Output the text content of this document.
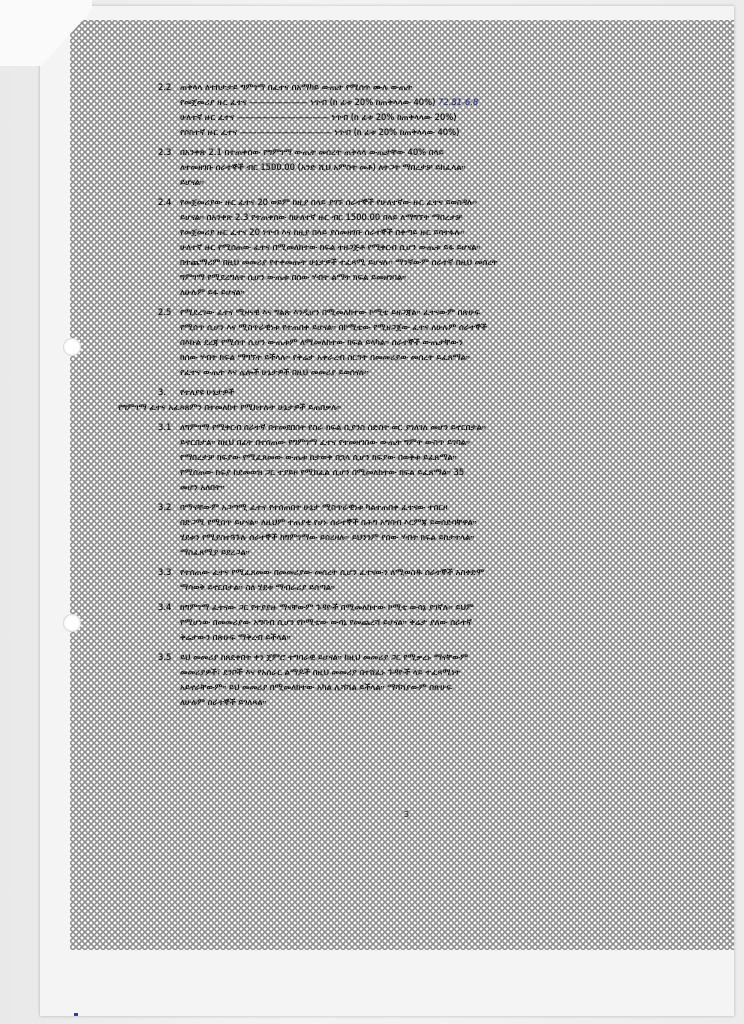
2.2 ጠቅላላ ለተከታታይ ግምገማ በፈተና በአማካይ ውጤት የሚሰጥ ሙሉ ውጤት
የመጀመሪያ ዙር ፈተና ——————— ነጥብ (ከ ፊቱ 20% ከጠቅላላው 40%) 72.81-6.8
ሁለተኛ ዙር ፈተና ——————————— ነጥብ (ከ ፊቱ 20% ከጠቅላላው 20%)
የሶስተኛ ዙር ፈተና ——————————— ነጥብ (ከ ፊቱ 20% ከጠቅላላው 40%)
2.3 በአንቀጽ 2.1 በተጠቀሰው የግምገማ ውጤት መሰረት ጠቅላላ ውጤታቸው 40% በላይ
ለተመዘገቡ ሰራተኞች ብር 1500.00 (አንድ ሺህ አምስት መቶ) ለትጋት ማበረታቻ ይከፈላል።
ይሆናል።
2.4 የመጀመሪያው ዙር ፈተና 20 ወይም ከዚያ በላይ ያገኙ ሰራተኞች የሁለተኛው ዙር ፈተና ይወስዳሉ።
ይሆናል። በአንቀጽ 2.3 የተጠቀሰው ከሁለተኛ ዙር ብር 1500.00 በላይ ለማግኘት ማበረታቻ
የመጀመሪያ ዙር ፈተና 20 ነጥብ እና ከዚያ በላይ ያስመዘገቡ ሰራተኞች በቀጣይ ዙር ይሳተፋሉ።
ሁለተኛ ዙር የሚሰጠው ፈተና በሚመለከተው ክፍል ተዘጋጅቶ የሚቀርብ ሲሆን ውጤቱ ይፋ ይሆናል።
በተጨማሪም በዚህ መመሪያ የተቀመጡት ሁኔታዎች ተፈጻሚ ይሆናሉ። ማንኛውም ሰራተኛ በዚህ መሰረት
ግምገማ የሚደረግለት ሲሆን ውጤቱ በሰው ሃብት ልማት ክፍል ይመዘገባል።
ለሁሉም ይፋ ይሆናል።
2.5 የሚደረገው ፈተና ሚዛናዊ እና ግልጽ እንዲሆን በሚመለከተው ኮሚቴ ይዘጋጃል። ፈተናውም በጽሁፍ
የሚሰጥ ሲሆን እና ሚስጥራዊነቱ የተጠበቀ ይሆናል። በኮሚቴው የሚዘጋጀው ፈተና ለሁሉም ሰራተኞች
በእኩል ደረጃ የሚሰጥ ሲሆን ውጤቱም ለሚመለከተው ክፍል ይላካል። ሰራተኞች ውጤታቸውን
ከሰው ሃብት ክፍል ማግኘት ይችላሉ። የቅሬታ አቀራረብ ስርዓት በመመሪያው መሰረት ይፈጸማል።
የፈተና ውጤት እና ሌሎች ሁኔታዎች በዚህ መመሪያ ይወሰናሉ።
3. የተለያዩ ሁኔታዎች
የግምገማ ፈተና አፈጻጸምን በተመለከተ የሚከተሉት ሁኔታዎች ይጠበቃሉ።
3.1 ለግምገማ የሚቀርብ ሰራተኛ በተመደበበት የስራ ክፍል ቢያንስ ስድስት ወር ያገለገለ መሆን ይኖርበታል።
ይኖርበታል። ከዚህ በፊት በተሰጠው የግምገማ ፈተና የተመዘገበው ውጤት ግምት ውስጥ ይገባል።
የማበረታቻ ክፍያው የሚፈጸመው ውጤቱ ከታወቀ በኋላ ሲሆን ክፍያው በወቅቱ ይፈጸማል።
የሚሰጠው ክፍያ ከደመወዝ ጋር ተያይዞ የሚከፈል ሲሆን በሚመለከተው ክፍል ይፈጸማል። 35
መሆን አለበት።
3.2 በማናቸውም አጋጣሚ ፈተና የተሰጠበት ሁኔታ ሚስጥራዊነቱ ካልተጠበቀ ፈተናው ተሰርዞ
በድጋሚ የሚሰጥ ይሆናል። ለዚህም ተጠያቂ የሆኑ ሰራተኞች በሕግ አግባብ እርምጃ ይወሰድባቸዋል።
ሂደቱን የሚያስተጓጉሉ ሰራተኞች ከግምገማው ይሰረዛሉ። ይህንንም የሰው ሃብት ክፍል ይከታተላል።
ማስፈጸሚያ ይደረጋል።
3.3 የተሰጠው ፈተና የሚፈጸመው በመመሪያው መሰረት ሲሆን ፈተናውን ለሚወስዱ ሰራተኞች አስቀድሞ
ማሳወቅ ይኖርበታል። ስለ ሂደቱ ማብራሪያ ይሰጣል።
3.4 ከግምገማ ፈተናው ጋር የተያያዙ ማናቸውም ጉዳዮች በሚመለከተው ኮሚቴ ውሳኔ ያገኛሉ። ይህም
የሚሆነው በመመሪያው አግባብ ሲሆን የኮሚቴው ውሳኔ የመጨረሻ ይሆናል። ቅሬታ ያለው ሰራተኛ
ቅሬታውን በጽሁፍ ማቅረብ ይችላል።
3.5 ይህ መመሪያ ከጸደቀበት ቀን ጀምሮ ተግባራዊ ይሆናል። ከዚህ መመሪያ ጋር የሚቃረኑ ማናቸውም
መመሪያዎች፣ ደንቦች እና የአሰራር ልማዶች በዚህ መመሪያ በተሸፈኑ ጉዳዮች ላይ ተፈጻሚነት
አይኖራቸውም። ይህ መመሪያ በሚመለከተው አካል ሊሻሻል ይችላል። ማሻሻያውም በጽሁፍ
ለሁሉም ሰራተኞች ይገለጻል።
3
